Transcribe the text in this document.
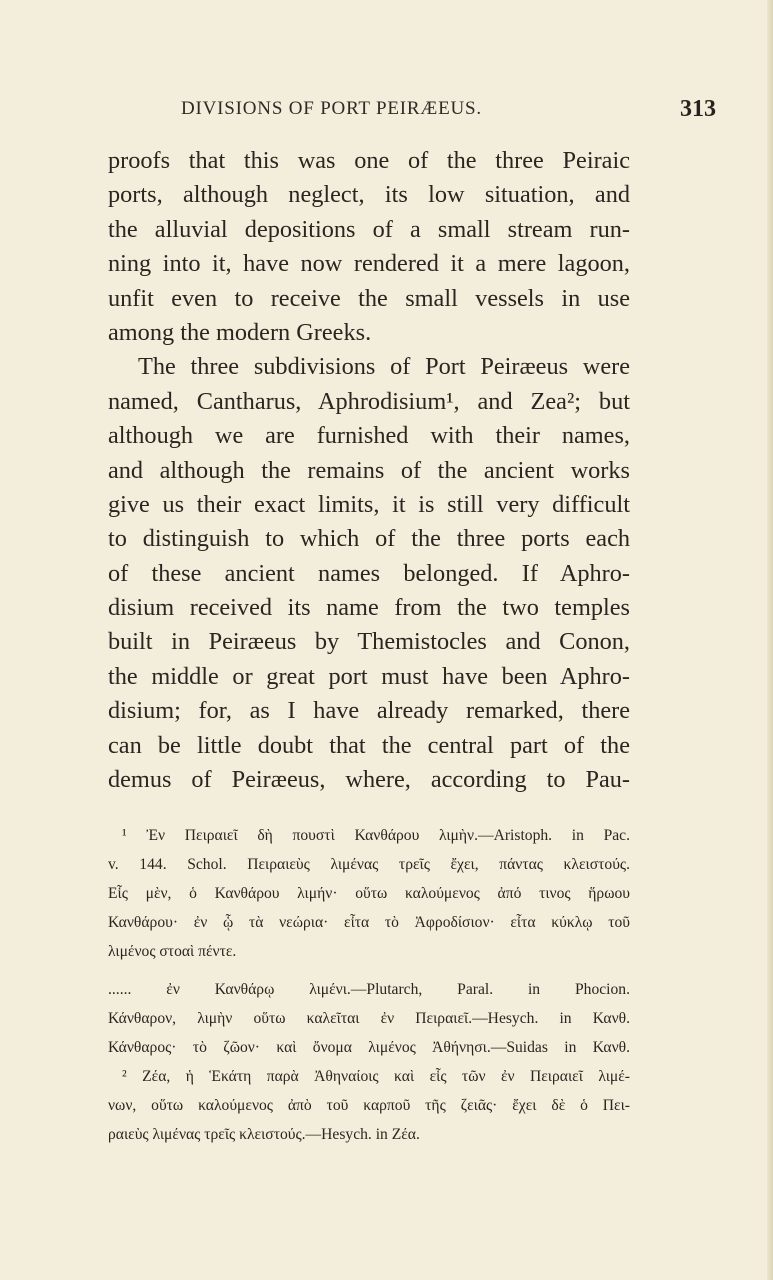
DIVISIONS OF PORT PEIRÆEUS.	313
proofs that this was one of the three Peiraic
ports, although neglect, its low situation, and
the alluvial depositions of a small stream run-
ning into it, have now rendered it a mere lagoon,
unfit even to receive the small vessels in use
among the modern Greeks.
The three subdivisions of Port Peiræeus were
named, Cantharus, Aphrodisium¹, and Zea²; but
although we are furnished with their names,
and although the remains of the ancient works
give us their exact limits, it is still very difficult
to distinguish to which of the three ports each
of these ancient names belonged. If Aphro-
disium received its name from the two temples
built in Peiræeus by Themistocles and Conon,
the middle or great port must have been Aphro-
disium; for, as I have already remarked, there
can be little doubt that the central part of the
demus of Peiræeus, where, according to Pau-
¹ Ἐν Πειραιεῖ δὴ πουστὶ Κανθάρου λιμὴν.—Aristoph. in Pac.
v. 144. Schol. Πειραιεὺς λιμένας τρεῖς ἔχει, πάντας κλειστούς.
Εἷς μὲν, ὁ Κανθάρου λιμήν· οὕτω καλούμενος ἀπό τινος ἥρωου
Κανθάρου· ἐν ᾧ τὰ νεώρια· εἶτα τὸ Ἀφροδίσιον· εἶτα κύκλῳ τοῦ
λιμένος στοαὶ πέντε.
...... ἐν Κανθάρῳ λιμένι.—Plutarch, Paral. in Phocion.
Κάνθαρον, λιμὴν οὕτω καλεῖται ἐν Πειραιεῖ.—Hesych. in Κανθ.
Κάνθαρος· τὸ ζῶον· καὶ ὄνομα λιμένος Ἀθήνησι.—Suidas in Κανθ.
² Ζέα, ἡ Ἑκάτη παρὰ Ἀθηναίοις καὶ εἷς τῶν ἐν Πειραιεῖ λιμέ-
νων, οὕτω καλούμενος ἀπὸ τοῦ καρποῦ τῆς ζειᾶς· ἔχει δὲ ὁ Πει-
ραιεὺς λιμένας τρεῖς κλειστούς.—Hesych. in Ζέα.
